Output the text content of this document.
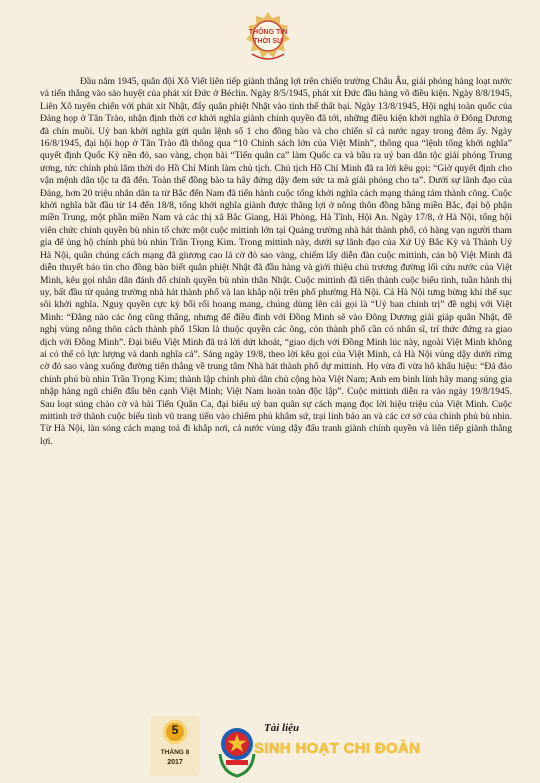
THÔNG TIN
THỜI SỰ

Đầu năm 1945, quân đội Xô Viết liên tiếp giành thắng lợi trên chiến trường Châu Âu, giải phóng hàng loạt nước và tiến thẳng vào sào huyệt của phát xít Đức ở Béclin. Ngày 8/5/1945, phát xít Đức đầu hàng vô điều kiện. Ngày 8/8/1945, Liên Xô tuyên chiến với phát xít Nhật, đẩy quân phiệt Nhật vào tình thế thất bại. Ngày 13/8/1945, Hội nghị toàn quốc của Đảng họp ở Tân Trào, nhận định thời cơ khởi nghĩa giành chính quyền đã tới, những điều kiện khởi nghĩa ở Đông Dương đã chín muồi. Uỷ ban khởi nghĩa gửi quân lệnh số 1 cho đồng bào và cho chiến sĩ cả nước ngay trong đêm ấy. Ngày 16/8/1945, đại hội họp ở Tân Trào đã thông qua “10 Chính sách lớn của Việt Minh”, thông qua “lệnh tổng khởi nghĩa” quyết định Quốc Kỳ nền đỏ, sao vàng, chọn bài “Tiến quân ca” làm Quốc ca và bầu ra uỷ ban dân tộc giải phóng Trung ương, tức chính phủ lâm thời do Hồ Chí Minh làm chủ tịch. Chủ tịch Hồ Chí Minh đã ra lời kêu gọi: “Giờ quyết định cho vận mệnh dân tộc ta đã đến. Toàn thể đồng bào ta hãy đứng dậy đem sức ta mà giải phóng cho ta”. Dưới sự lãnh đạo của Đảng, hơn 20 triệu nhân dân ta từ Bắc đến Nam đã tiến hành cuộc tổng khởi nghĩa cách mạng tháng tám thành công. Cuộc khởi nghĩa bắt đầu từ 14 đến 18/8, tổng khởi nghĩa giành được thắng lợi ở nông thôn đồng bằng miền Bắc, đại bộ phận miền Trung, một phần miền Nam và các thị xã Bắc Giang, Hải Phòng, Hà Tĩnh, Hội An. Ngày 17/8, ở Hà Nội, tổng hội viên chức chính quyền bù nhìn tổ chức một cuộc mittinh lớn tại Quảng trường nhà hát thành phố, có hàng vạn người tham gia để ủng hộ chính phủ bù nhìn Trần Trọng Kim. Trong mittinh này, dưới sự lãnh đạo của Xứ Uỷ Bắc Kỳ và Thành Uỷ Hà Nội, quần chúng cách mạng đã giương cao lá cờ đỏ sao vàng, chiếm lấy diễn đàn cuộc mittinh, cán bộ Việt Minh đã diễn thuyết báo tin cho đồng bào biết quân phiệt Nhật đã đầu hàng và giới thiệu chủ trương đường lối cứu nước của Việt Minh, kêu gọi nhân dân đánh đổ chính quyền bù nhìn thân Nhật. Cuộc mittinh đã tiến thành cuộc biểu tình, tuần hành thị uy, bất đầu từ quảng trường nhà hát thành phố và lan khắp nội trên phố phường Hà Nội. Cả Hà Nội tưng bừng khí thế sục sôi khởi nghĩa. Nguỵ quyền cực kỳ bối rối hoang mang, chúng dùng lên cái gọi là “Uỷ ban chính trị” đề nghị với Việt Minh: “Đằng nào các ông cũng thắng, nhưng để điều đình với Đồng Minh sẽ vào Đông Dương giải giáp quân Nhật, đề nghị vùng nông thôn cách thành phố 15km là thuộc quyền các ông, còn thành phố cần có nhân sĩ, trí thức đứng ra giao dịch với Đồng Minh”. Đại biểu Việt Minh đã trả lời dứt khoát, “giao dịch với Đồng Minh lúc này, ngoài Việt Minh không ai có thể có lực lượng và danh nghĩa cả”. Sáng ngày 19/8, theo lời kêu gọi của Việt Minh, cả Hà Nội vùng dậy dưới rừng cờ đỏ sao vàng xuống đường tiến thẳng về trung tâm Nhà hát thành phố dự mittinh. Họ vừa đi vừa hô khẩu hiệu: “Đả đảo chính phủ bù nhìn Trần Trọng Kim; thành lập chính phủ dân chủ cộng hòa Việt Nam; Anh em binh lính hãy mang súng gia nhập hàng ngũ chiến đấu bên cạnh Việt Minh; Việt Nam hoàn toàn độc lập”. Cuộc mittinh diễn ra vào ngày 19/8/1945. Sau loạt súng chào cờ và bài Tiến Quân Ca, đại biểu uỷ ban quân sự cách mạng đọc lời hiệu triệu của Việt Minh. Cuộc mittinh trở thành cuộc biểu tình vũ trang tiến vào chiếm phủ khâm sứ, trại lính bảo an và các cơ sở của chính phủ bù nhìn. Từ Hà Nội, làn sóng cách mạng toả đi khắp nơi, cả nước vùng dậy đấu tranh giành chính quyền và liên tiếp giành thắng lợi.

5
THÁNG 8
2017
Tài liệu
SINH HOẠT CHI ĐOÀN
